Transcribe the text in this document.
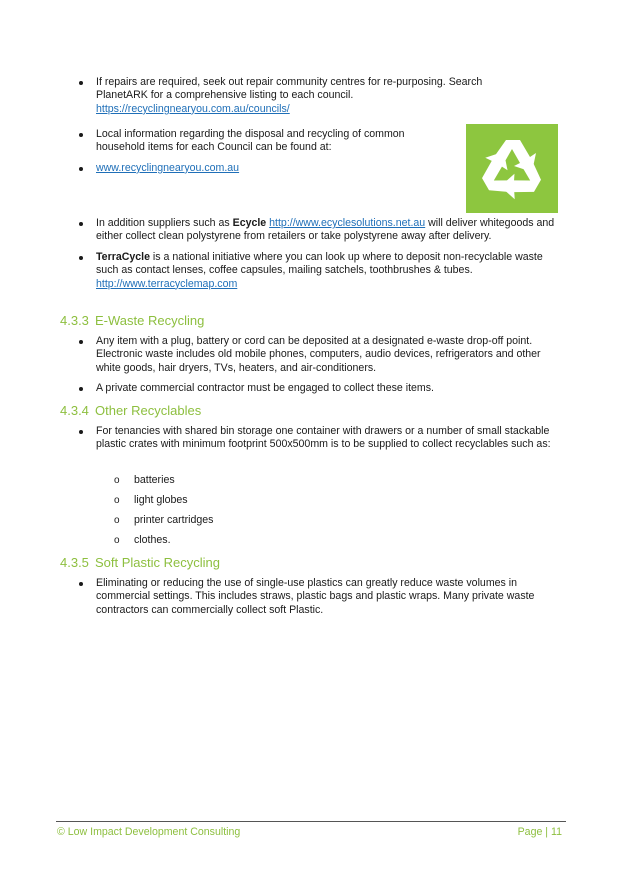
If repairs are required, seek out repair community centres for re-purposing. Search PlanetARK for a comprehensive listing to each council. https://recyclingnearyou.com.au/councils/
Local information regarding the disposal and recycling of common household items for each Council can be found at:
www.recyclingnearyou.com.au
In addition suppliers such as Ecycle http://www.ecyclesolutions.net.au will deliver whitegoods and either collect clean polystyrene from retailers or take polystyrene away after delivery.
TerraCycle is a national initiative where you can look up where to deposit non-recyclable waste such as contact lenses, coffee capsules, mailing satchels, toothbrushes & tubes. http://www.terracyclemap.com
4.3.3 E-Waste Recycling
Any item with a plug, battery or cord can be deposited at a designated e-waste drop-off point. Electronic waste includes old mobile phones, computers, audio devices, refrigerators and other white goods, hair dryers, TVs, heaters, and air-conditioners.
A private commercial contractor must be engaged to collect these items.
4.3.4 Other Recyclables
For tenancies with shared bin storage one container with drawers or a number of small stackable plastic crates with minimum footprint 500x500mm is to be supplied to collect recyclables such as:
o batteries
o light globes
o printer cartridges
o clothes.
4.3.5 Soft Plastic Recycling
Eliminating or reducing the use of single-use plastics can greatly reduce waste volumes in commercial settings. This includes straws, plastic bags and plastic wraps. Many private waste contractors can commercially collect soft Plastic.
© Low Impact Development Consulting	Page | 11
